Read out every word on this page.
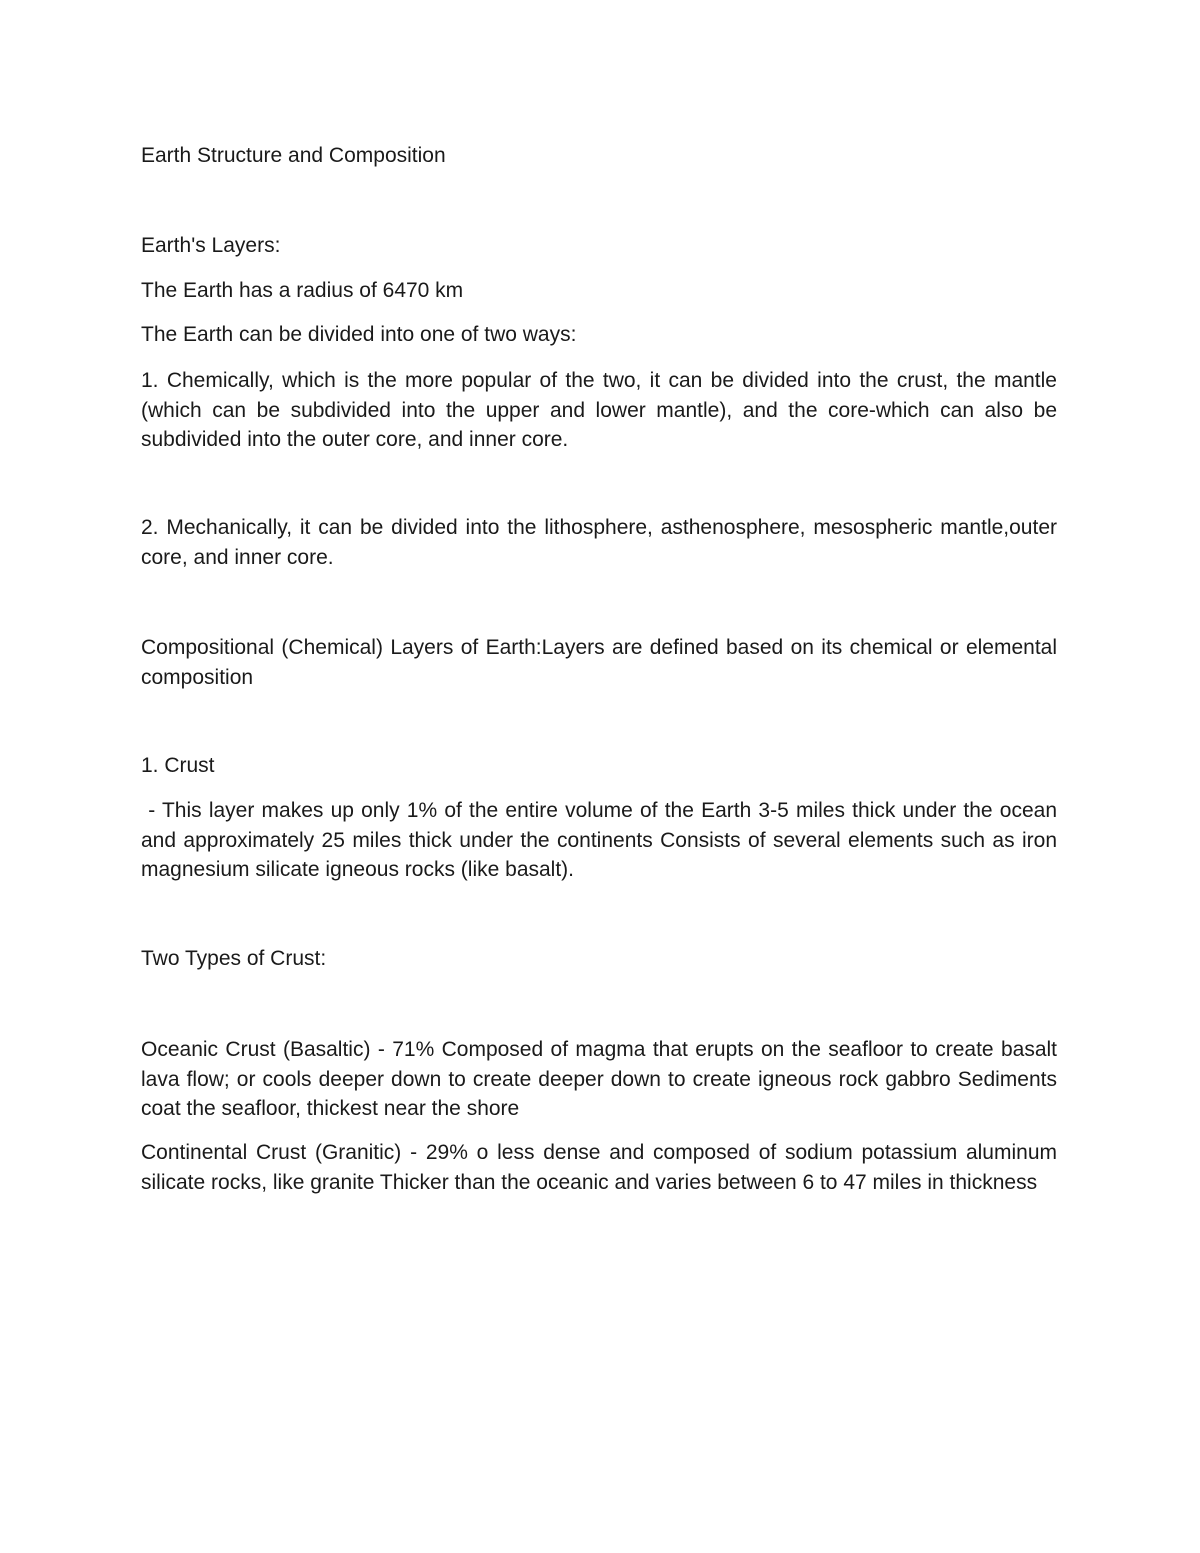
Earth Structure and Composition

Earth's Layers:

The Earth has a radius of 6470 km

The Earth can be divided into one of two ways:

1. Chemically, which is the more popular of the two, it can be divided into the crust, the mantle (which can be subdivided into the upper and lower mantle), and the core-which can also be subdivided into the outer core, and inner core.

2. Mechanically, it can be divided into the lithosphere, asthenosphere, mesospheric mantle,outer core, and inner core.

Compositional (Chemical) Layers of Earth:Layers are defined based on its chemical or elemental composition

1. Crust

- This layer makes up only 1% of the entire volume of the Earth 3-5 miles thick under the ocean and approximately 25 miles thick under the continents Consists of several elements such as iron magnesium silicate igneous rocks (like basalt).

Two Types of Crust:

Oceanic Crust (Basaltic) - 71% Composed of magma that erupts on the seafloor to create basalt lava flow; or cools deeper down to create deeper down to create igneous rock gabbro Sediments coat the seafloor, thickest near the shore

Continental Crust (Granitic) - 29% o less dense and composed of sodium potassium aluminum silicate rocks, like granite Thicker than the oceanic and varies between 6 to 47 miles in thickness
